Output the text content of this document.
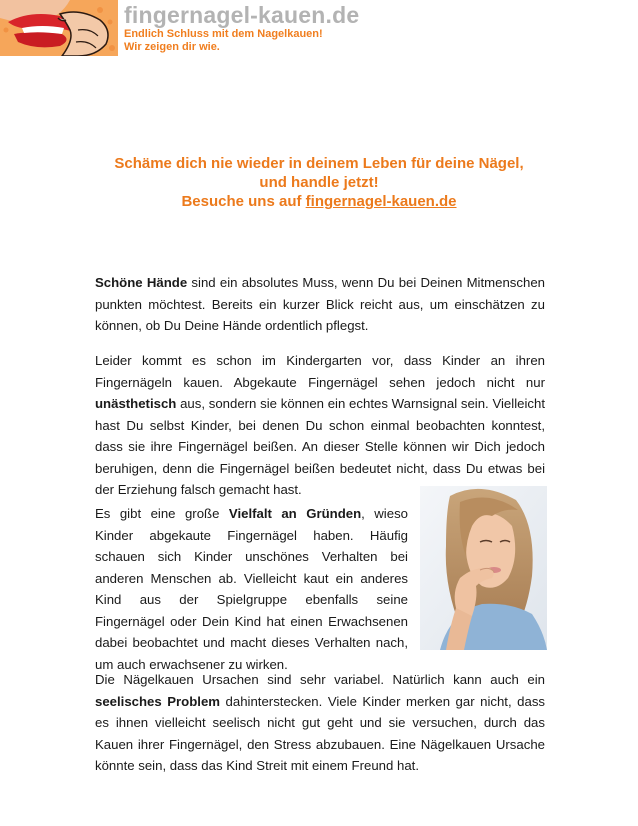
fingernagel-kauen.de
Endlich Schluss mit dem Nagelkauen!
Wir zeigen dir wie.
Schäme dich nie wieder in deinem Leben für deine Nägel,
und handle jetzt!
Besuche uns auf fingernagel-kauen.de
Schöne Hände sind ein absolutes Muss, wenn Du bei Deinen Mitmenschen punkten möchtest. Bereits ein kurzer Blick reicht aus, um einschätzen zu können, ob Du Deine Hände ordentlich pflegst.
Leider kommt es schon im Kindergarten vor, dass Kinder an ihren Fingernägeln kauen. Abgekaute Fingernägel sehen jedoch nicht nur unästhetisch aus, sondern sie können ein echtes Warnsignal sein. Vielleicht hast Du selbst Kinder, bei denen Du schon einmal beobachten konntest, dass sie ihre Fingernägel beißen. An dieser Stelle können wir Dich jedoch beruhigen, denn die Fingernägel beißen bedeutet nicht, dass Du etwas bei der Erziehung falsch gemacht hast.
Es gibt eine große Vielfalt an Gründen, wieso Kinder abgekaute Fingernägel haben. Häufig schauen sich Kinder unschönes Verhalten bei anderen Menschen ab. Vielleicht kaut ein anderes Kind aus der Spielgruppe ebenfalls seine Fingernägel oder Dein Kind hat einen Erwachsenen dabei beobachtet und macht dieses Verhalten nach, um auch erwachsener zu wirken.
Die Nägelkauen Ursachen sind sehr variabel. Natürlich kann auch ein seelisches Problem dahinterstecken. Viele Kinder merken gar nicht, dass es ihnen vielleicht seelisch nicht gut geht und sie versuchen, durch das Kauen ihrer Fingernägel, den Stress abzubauen. Eine Nägelkauen Ursache könnte sein, dass das Kind Streit mit einem Freund hat.
